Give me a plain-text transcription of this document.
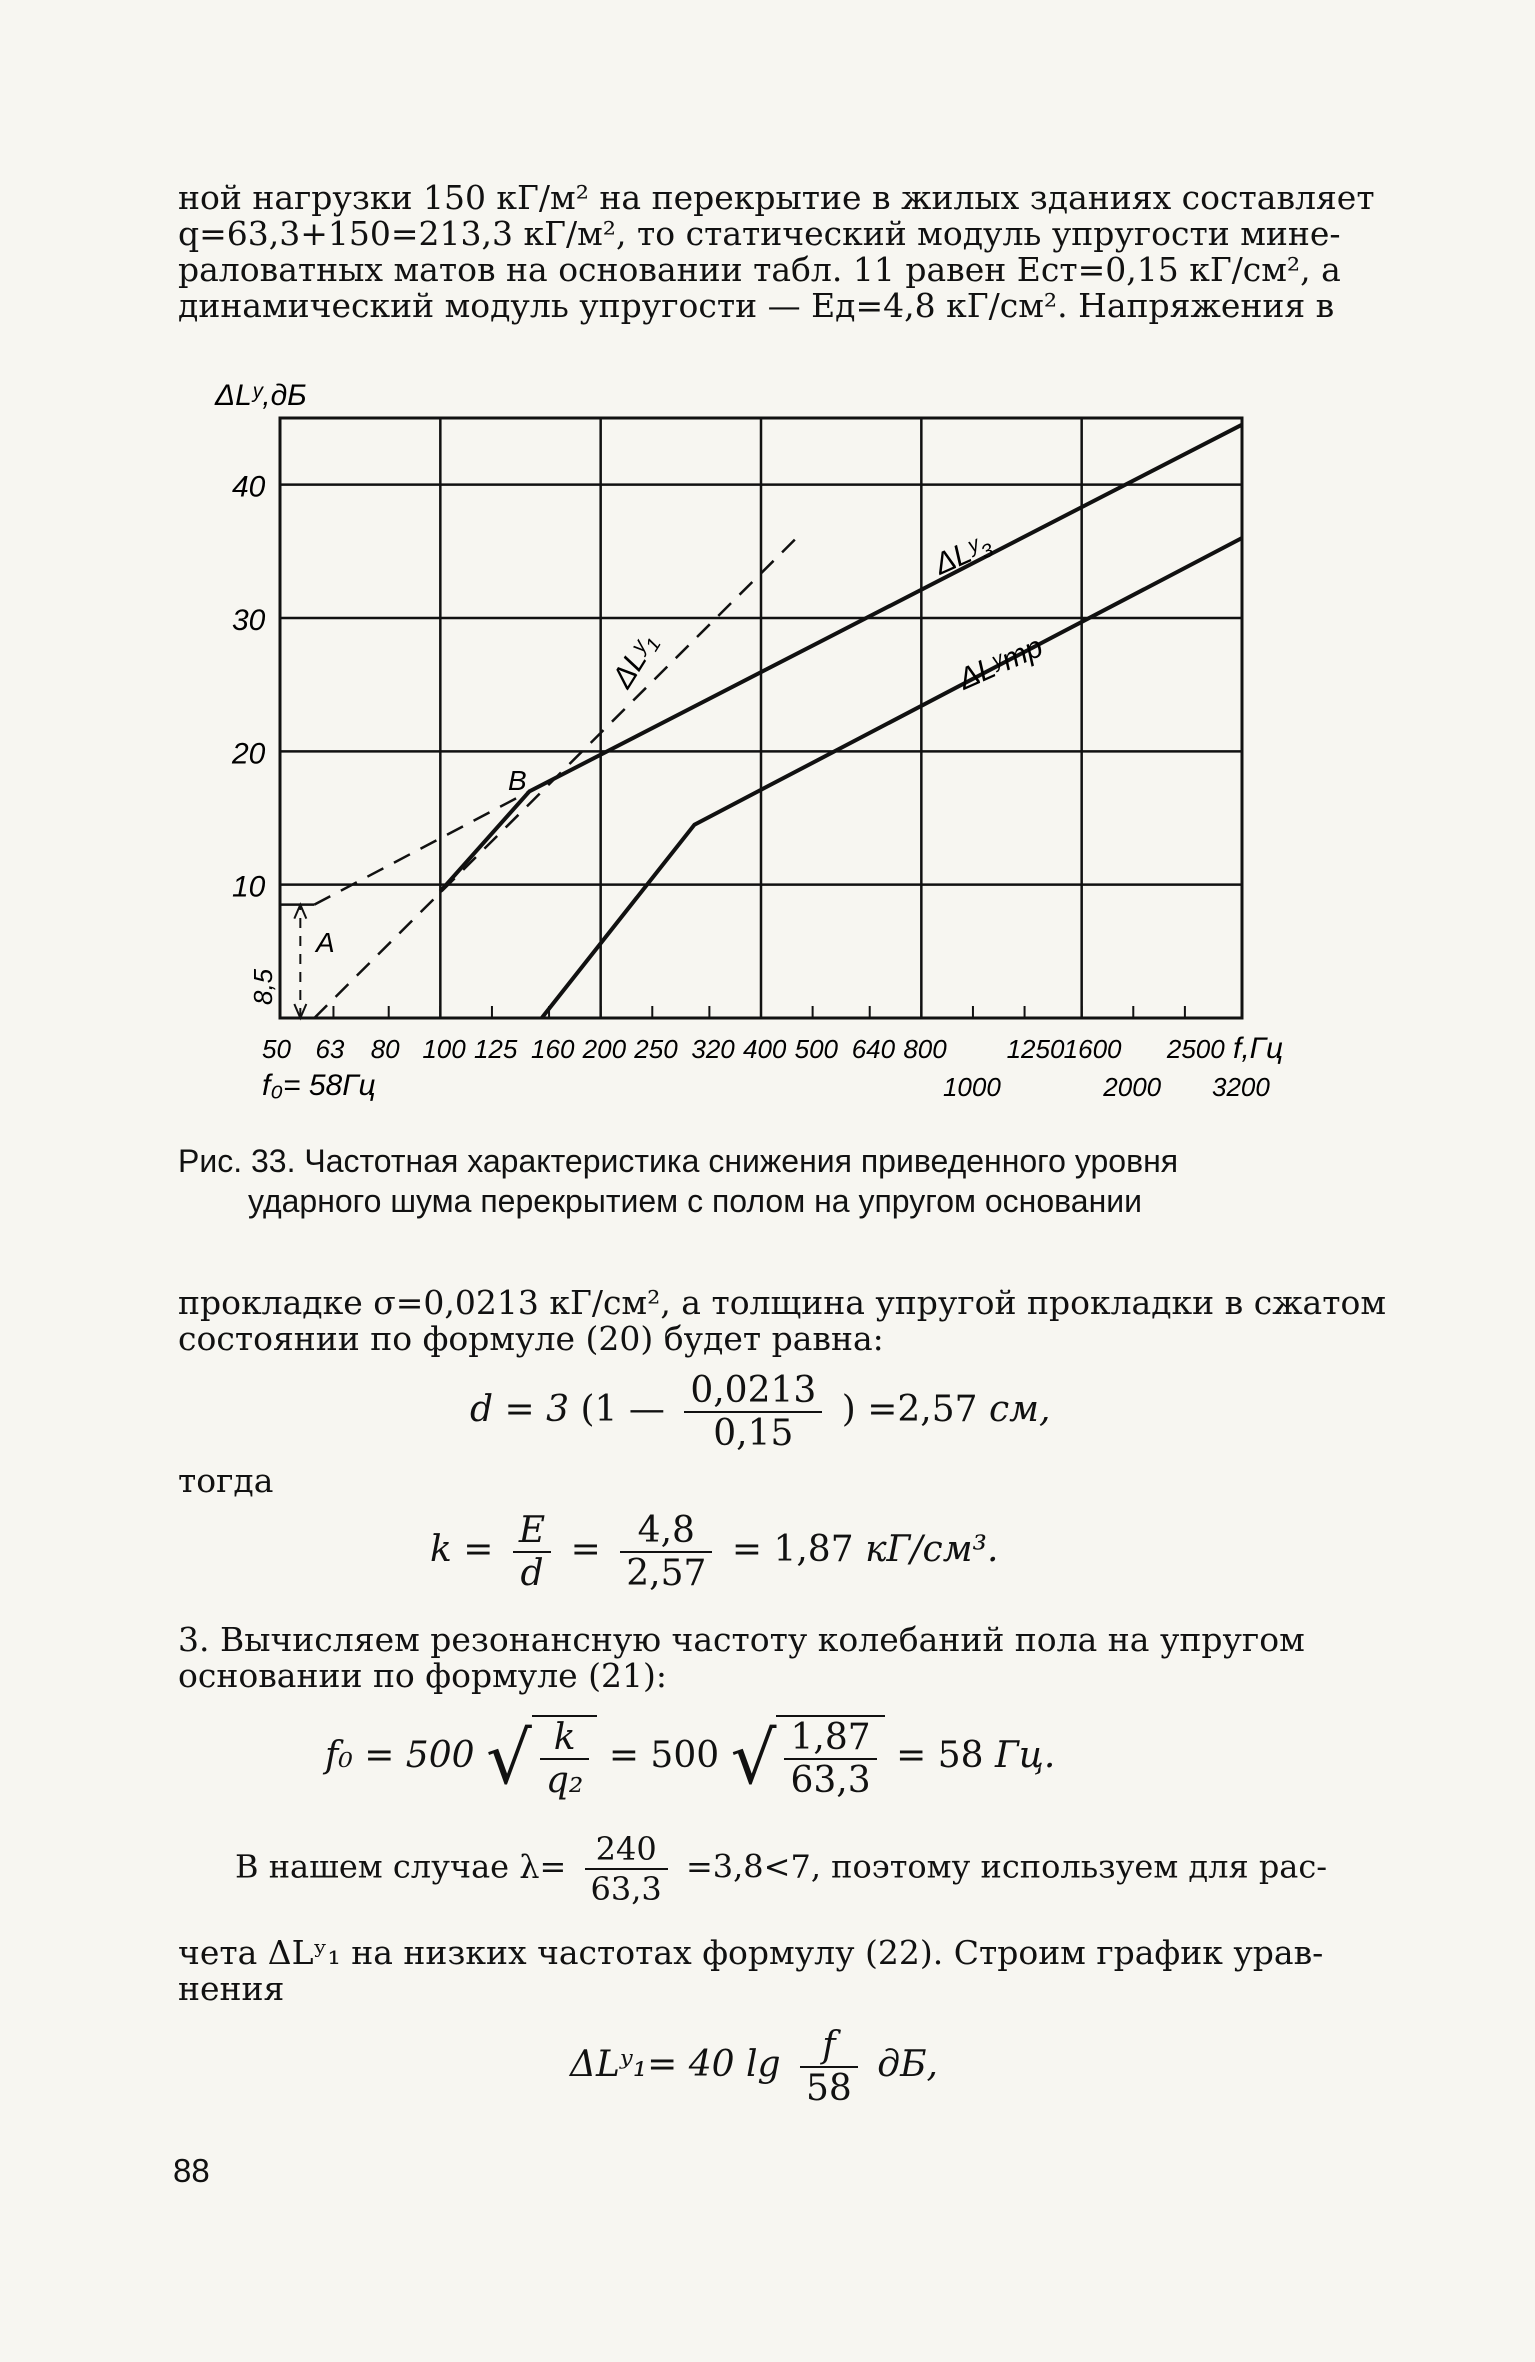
ной нагрузки 150 кГ/м² на перекрытие в жилых зданиях составляет
q=63,3+150=213,3 кГ/м², то статический модуль упругости мине-
раловатных матов на основании табл. 11 равен Eст=0,15 кГ/см², а
динамический модуль упругости — Eд=4,8 кГ/см². Напряжения в

40
30
20
10
50 63 80 100 125 160 200 250 320 400 500 640 800 1250 1600 2500
1000	2000 3200
ΔLʸ,дБ
f,Гц
f₀= 58Гц
A
B
8,5
ΔLʸ₁
ΔLʸ₃
ΔLʸтр

Рис. 33. Частотная характеристика снижения приведенного уровня
ударного шума перекрытием с полом на упругом основании

прокладке σ=0,0213 кГ/см², а толщина упругой прокладки в сжатом
состоянии по формуле (20) будет равна:

d = 3 (1 — $\frac{0,0213}{0,15}$ ) =2,57 см,
тогда
$k = \frac{E}{d} = \frac{4,8}{2,57} = 1,87$ кГ/см³.

3. Вычисляем резонансную частоту колебаний пола на упругом
основании по формуле (21):

f₀ = 500 √ $\frac{k}{\text{q₂}} = 500$ √ $\frac{1,87}{63,3} = 58$ Гц.
В нашем случае $\lambda= \frac{240}{63,3} =3,8<7$, поэтому используем для рас-

чета ΔLʸ₁ на низких частотах формулу (22). Строим график урав-
нения

ΔLʸ₁= 40 $\lg \frac{f}{58}$ дБ,
88
